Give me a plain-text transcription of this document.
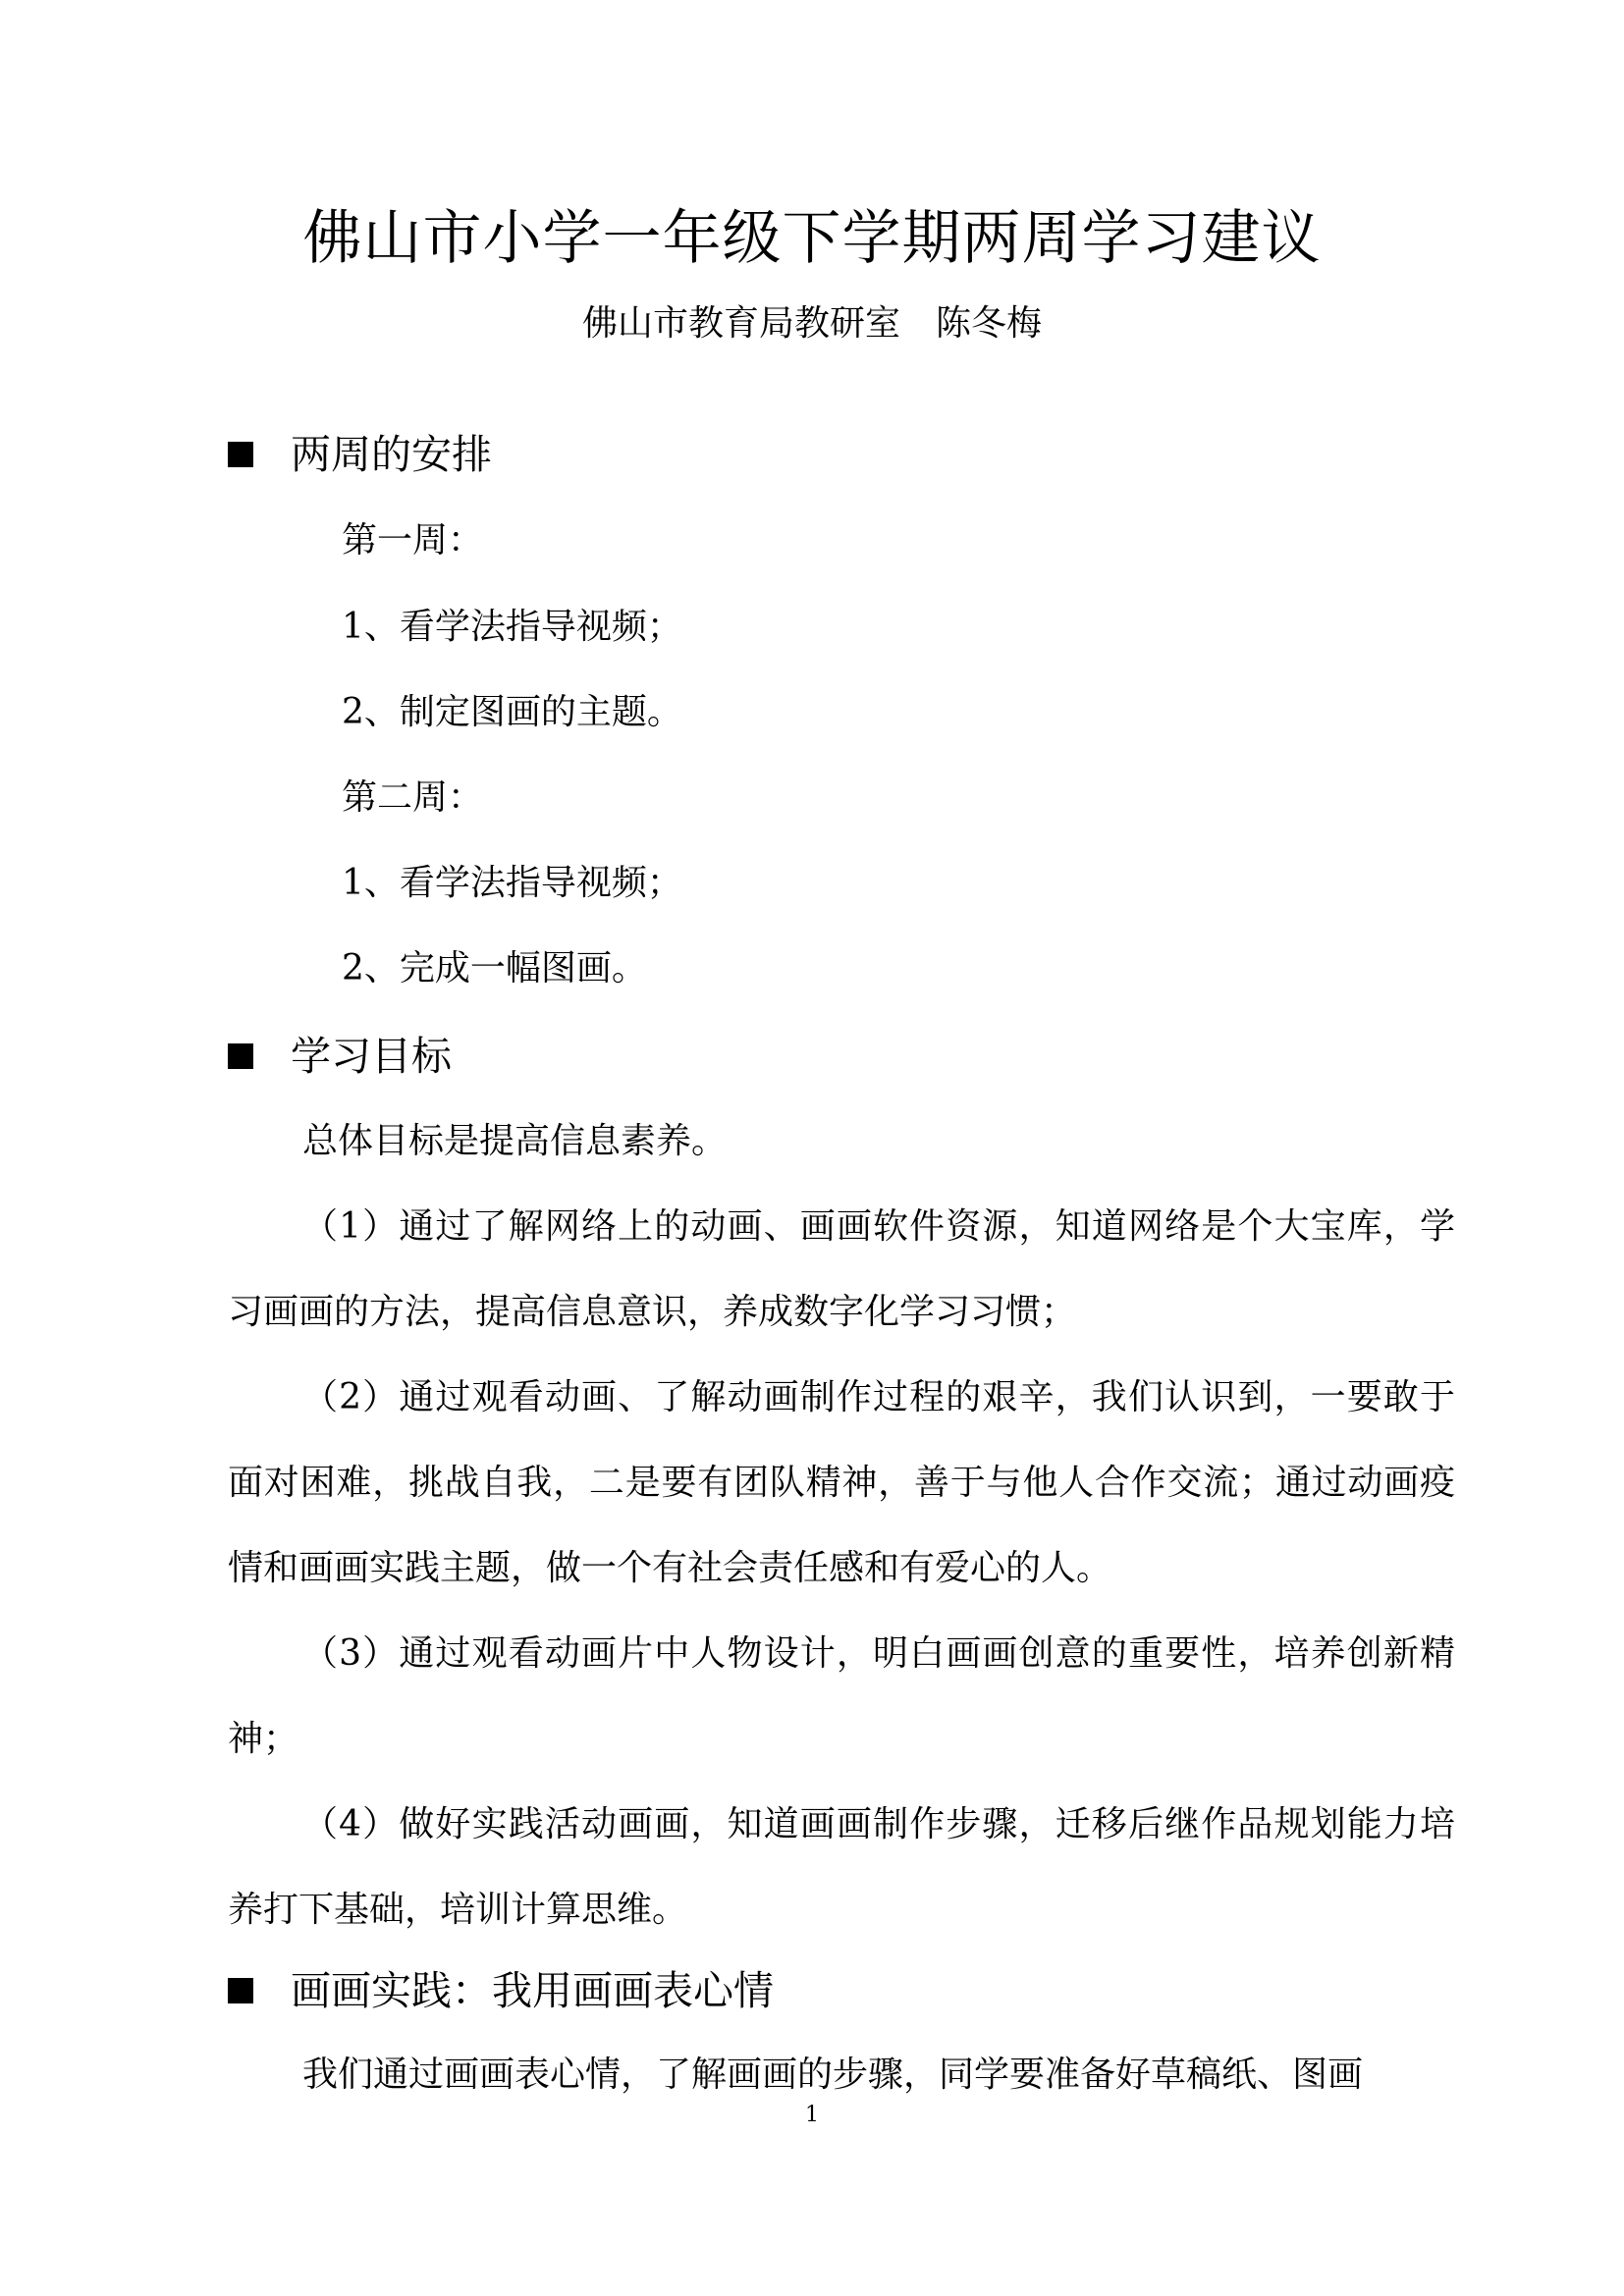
佛山市小学一年级下学期两周学习建议
佛山市教育局教研室　陈冬梅
两周的安排
第一周：
1、看学法指导视频；
2、制定图画的主题。
第二周：
1、看学法指导视频；
2、完成一幅图画。
学习目标
总体目标是提高信息素养。
（1）通过了解网络上的动画、画画软件资源，知道网络是个大宝库，学习画画的方法，提高信息意识，养成数字化学习习惯；
（2）通过观看动画、了解动画制作过程的艰辛，我们认识到，一要敢于面对困难，挑战自我，二是要有团队精神，善于与他人合作交流；通过动画疫情和画画实践主题，做一个有社会责任感和有爱心的人。
（3）通过观看动画片中人物设计，明白画画创意的重要性，培养创新精神；
（4）做好实践活动画画，知道画画制作步骤，迁移后继作品规划能力培养打下基础，培训计算思维。
画画实践：我用画画表心情
我们通过画画表心情，了解画画的步骤，同学要准备好草稿纸、图画
1
